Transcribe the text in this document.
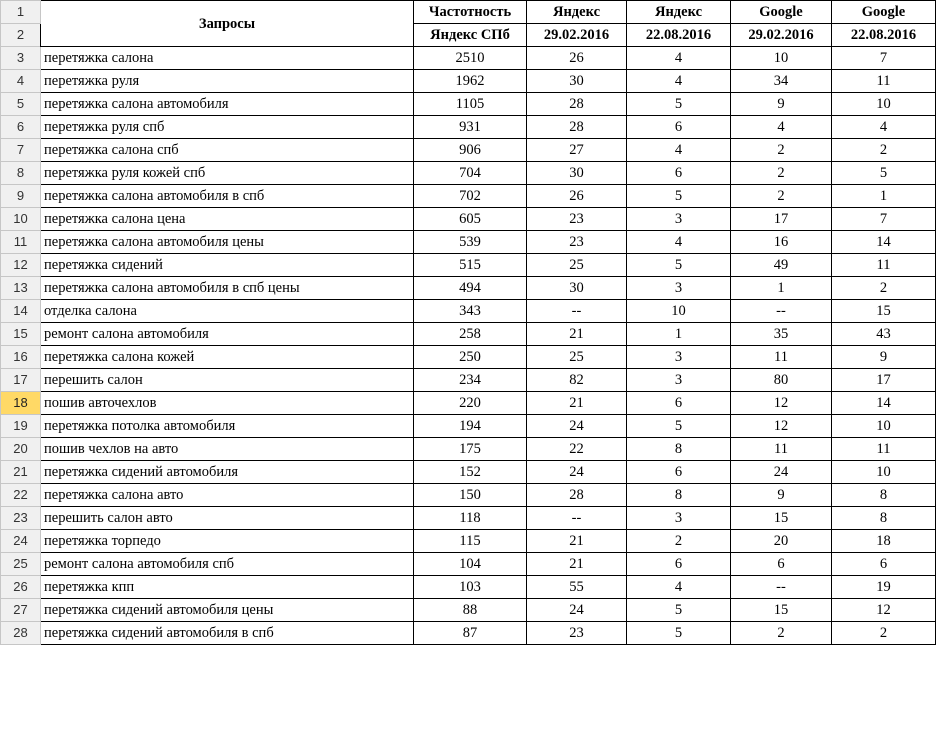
1	Запросы	Частотность	Яндекс	Яндекс	Google	Google
2		Яндекс СПб	29.02.2016	22.08.2016	29.02.2016	22.08.2016
3	перетяжка салона	2510	26	4	10	7
4	перетяжка руля	1962	30	4	34	11
5	перетяжка салона автомобиля	1105	28	5	9	10
6	перетяжка руля спб	931	28	6	4	4
7	перетяжка салона спб	906	27	4	2	2
8	перетяжка руля кожей спб	704	30	6	2	5
9	перетяжка салона автомобиля в спб	702	26	5	2	1
10	перетяжка салона цена	605	23	3	17	7
11	перетяжка салона автомобиля цены	539	23	4	16	14
12	перетяжка сидений	515	25	5	49	11
13	перетяжка салона автомобиля в спб цены	494	30	3	1	2
14	отделка салона	343	--	10	--	15
15	ремонт салона автомобиля	258	21	1	35	43
16	перетяжка салона кожей	250	25	3	11	9
17	перешить салон	234	82	3	80	17
18	пошив авточехлов	220	21	6	12	14
19	перетяжка потолка автомобиля	194	24	5	12	10
20	пошив чехлов на авто	175	22	8	11	11
21	перетяжка сидений автомобиля	152	24	6	24	10
22	перетяжка салона авто	150	28	8	9	8
23	перешить салон авто	118	--	3	15	8
24	перетяжка торпедо	115	21	2	20	18
25	ремонт салона автомобиля спб	104	21	6	6	6
26	перетяжка кпп	103	55	4	--	19
27	перетяжка сидений автомобиля цены	88	24	5	15	12
28	перетяжка сидений автомобиля в спб	87	23	5	2	2
